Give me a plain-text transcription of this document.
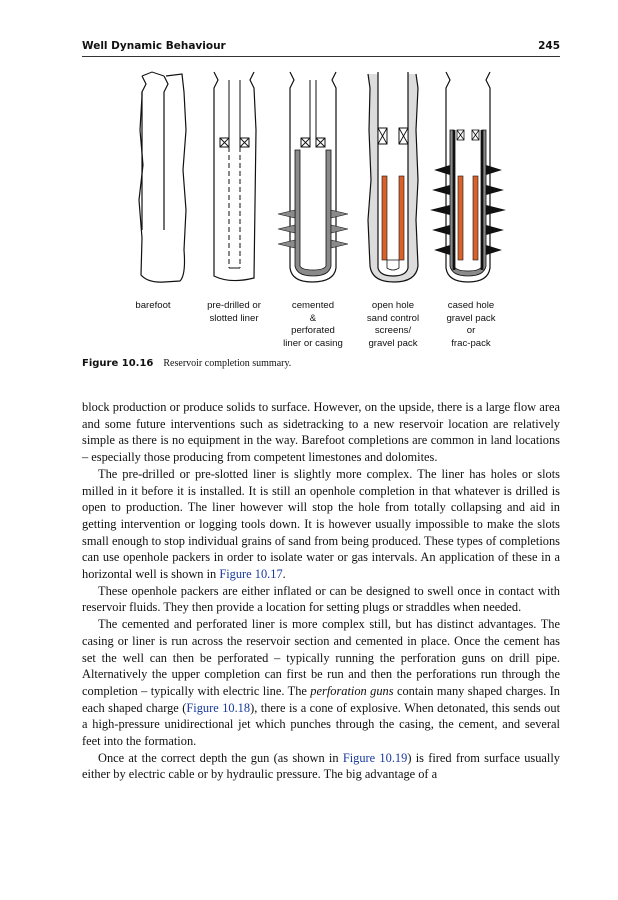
Well Dynamic Behaviour	245
barefoot	pre-drilled or
slotted liner
cemented
&
perforated
liner or casing
open hole
sand control
screens/
gravel pack
cased hole
gravel pack
or
frac-pack
Figure 10.16 Reservoir completion summary.

block production or produce solids to surface. However, on the upside, there is a large flow area and some future interventions such as sidetracking to a new reservoir location are relatively simple as there is no equipment in the way. Barefoot completions are common in land locations – especially those producing from competent limestones and dolomites.

The pre-drilled or pre-slotted liner is slightly more complex. The liner has holes or slots milled in it before it is installed. It is still an openhole completion in that whatever is drilled is open to production. The liner however will stop the hole from totally collapsing and aid in getting intervention or logging tools down. It is however usually impossible to make the slots small enough to stop individual grains of sand from being produced. These types of completions can use openhole packers in order to isolate water or gas intervals. An application of these in a horizontal well is shown in Figure 10.17.

These openhole packers are either inflated or can be designed to swell once in contact with reservoir fluids. They then provide a location for setting plugs or straddles when needed.

The cemented and perforated liner is more complex still, but has distinct advantages. The casing or liner is run across the reservoir section and cemented in place. Once the cement has set the well can then be perforated – typically running the perforation guns on drill pipe. Alternatively the upper completion can first be run and then the perforations run through the completion – typically with electric line. The perforation guns contain many shaped charges. In each shaped charge (Figure 10.18), there is a cone of explosive. When detonated, this sends out a high-pressure unidirectional jet which punches through the casing, the cement, and several feet into the formation.

Once at the correct depth the gun (as shown in Figure 10.19) is fired from surface usually either by electric cable or by hydraulic pressure. The big advantage of a
